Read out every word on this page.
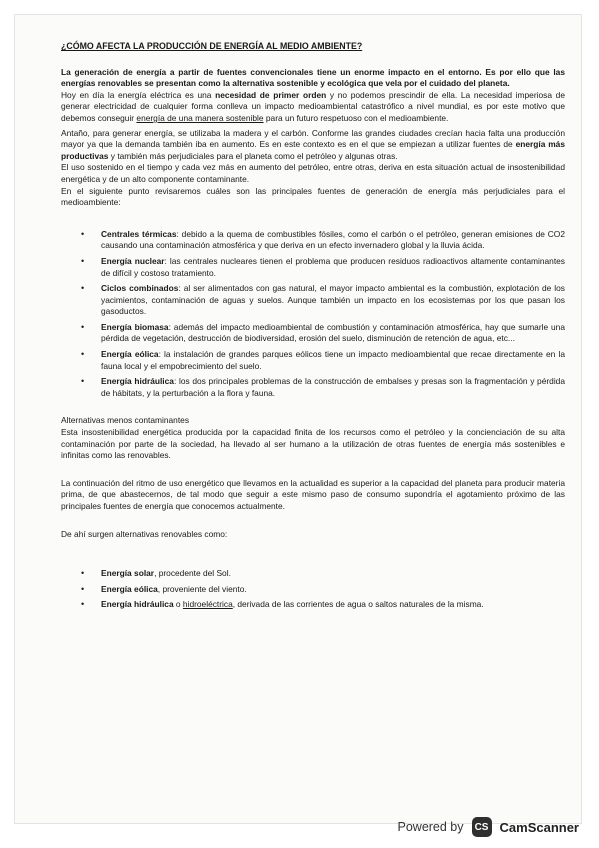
¿CÓMO AFECTA LA PRODUCCIÓN DE ENERGÍA AL MEDIO AMBIENTE?

La generación de energía a partir de fuentes convencionales tiene un enorme impacto en el entorno. Es por ello que las energías renovables se presentan como la alternativa sostenible y ecológica que vela por el cuidado del planeta.

Hoy en día la energía eléctrica es una necesidad de primer orden y no podemos prescindir de ella. La necesidad imperiosa de generar electricidad de cualquier forma conlleva un impacto medioambiental catastrófico a nivel mundial, es por este motivo que debemos conseguir energía de una manera sostenible para un futuro respetuoso con el medioambiente.

Antaño, para generar energía, se utilizaba la madera y el carbón. Conforme las grandes ciudades crecían hacia falta una producción mayor ya que la demanda también iba en aumento. Es en este contexto es en el que se empiezan a utilizar fuentes de energía más productivas y también más perjudiciales para el planeta como el petróleo y algunas otras.

El uso sostenido en el tiempo y cada vez más en aumento del petróleo, entre otras, deriva en esta situación actual de insostenibilidad energética y de un alto componente contaminante.

En el siguiente punto revisaremos cuáles son las principales fuentes de generación de energía más perjudiciales para el medioambiente:

• Centrales térmicas: debido a la quema de combustibles fósiles, como el carbón o el petróleo, generan emisiones de CO2 causando una contaminación atmosférica y que deriva en un efecto invernadero global y la lluvia ácida.
• Energía nuclear: las centrales nucleares tienen el problema que producen residuos radioactivos altamente contaminantes de difícil y costoso tratamiento.
• Ciclos combinados: al ser alimentados con gas natural, el mayor impacto ambiental es la combustión, explotación de los yacimientos, contaminación de aguas y suelos. Aunque también un impacto en los ecosistemas por los que pasan los gasoductos.
• Energía biomasa: además del impacto medioambiental de combustión y contaminación atmosférica, hay que sumarle una pérdida de vegetación, destrucción de biodiversidad, erosión del suelo, disminución de retención de agua, etc...
• Energía eólica: la instalación de grandes parques eólicos tiene un impacto medioambiental que recae directamente en la fauna local y el empobrecimiento del suelo.
• Energía hidráulica: los dos principales problemas de la construcción de embalses y presas son la fragmentación y pérdida de hábitats, y la perturbación a la flora y fauna.

Alternativas menos contaminantes

Esta insostenibilidad energética producida por la capacidad finita de los recursos como el petróleo y la concienciación de su alta contaminación por parte de la sociedad, ha llevado al ser humano a la utilización de otras fuentes de energía más sostenibles e infinitas como las renovables.

La continuación del ritmo de uso energético que llevamos en la actualidad es superior a la capacidad del planeta para producir materia prima, de que abastecernos, de tal modo que seguir a este mismo paso de consumo supondría el agotamiento próximo de las principales fuentes de energía que conocemos actualmente.

De ahí surgen alternativas renovables como:

• Energía solar, procedente del Sol.
• Energía eólica, proveniente del viento.
• Energía hidráulica o hidroeléctrica, derivada de las corrientes de agua o saltos naturales de la misma.
Powered by	CS CamScanner
